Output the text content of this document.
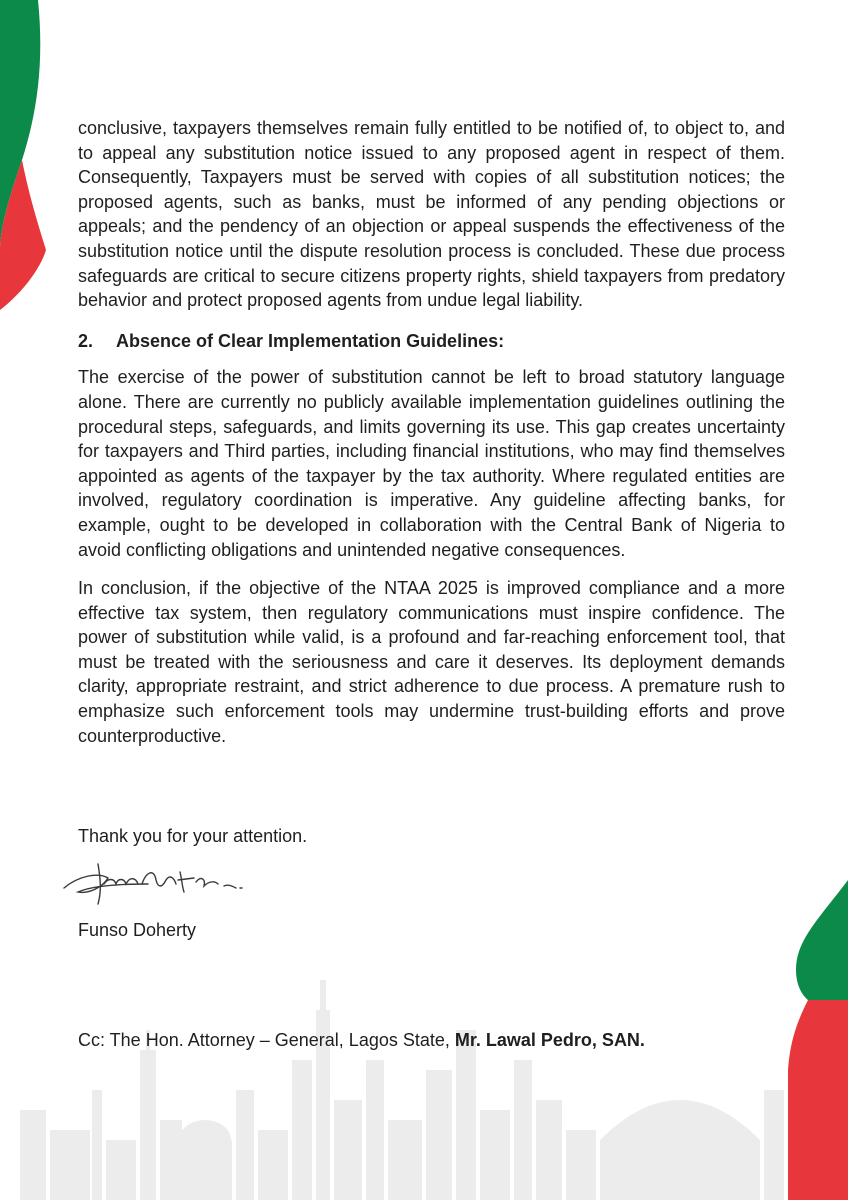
conclusive, taxpayers themselves remain fully entitled to be notified of, to object to, and to appeal any substitution notice issued to any proposed agent in respect of them. Consequently, Taxpayers must be served with copies of all substitution notices; the proposed agents, such as banks, must be informed of any pending objections or appeals; and the pendency of an objection or appeal suspends the effectiveness of the substitution notice until the dispute resolution process is concluded. These due process safeguards are critical to secure citizens property rights, shield taxpayers from predatory behavior and protect proposed agents from undue legal liability.

2. Absence of Clear Implementation Guidelines:

The exercise of the power of substitution cannot be left to broad statutory language alone. There are currently no publicly available implementation guidelines outlining the procedural steps, safeguards, and limits governing its use. This gap creates uncertainty for taxpayers and Third parties, including financial institutions, who may find themselves appointed as agents of the taxpayer by the tax authority. Where regulated entities are involved, regulatory coordination is imperative. Any guideline affecting banks, for example, ought to be developed in collaboration with the Central Bank of Nigeria to avoid conflicting obligations and unintended negative consequences.

In conclusion, if the objective of the NTAA 2025 is improved compliance and a more effective tax system, then regulatory communications must inspire confidence. The power of substitution while valid, is a profound and far-reaching enforcement tool, that must be treated with the seriousness and care it deserves. Its deployment demands clarity, appropriate restraint, and strict adherence to due process. A premature rush to emphasize such enforcement tools may undermine trust-building efforts and prove counterproductive.

Thank you for your attention.
Funso Doherty
Cc: The Hon. Attorney – General, Lagos State, Mr. Lawal Pedro, SAN.
